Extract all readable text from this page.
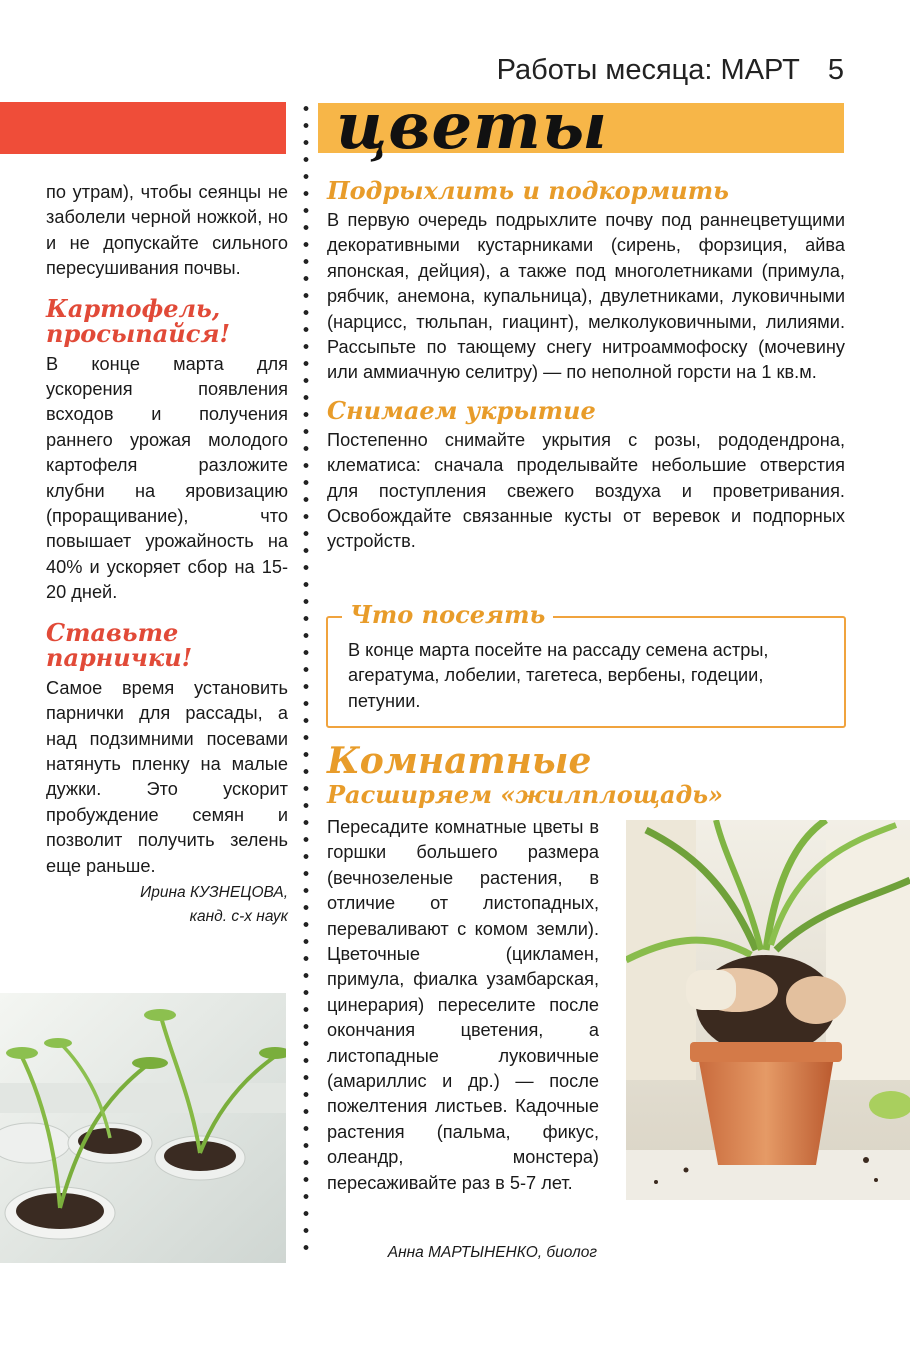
Работы месяца: МАРТ 5
цветы

по утрам), чтобы сеянцы не заболели черной ножкой, но и не допускайте сильного пересушивания почвы.

Картофель, просыпайся!

В конце марта для ускорения появления всходов и получения раннего урожая молодого картофеля разложите клубни на яровизацию (проращивание), что повышает урожайность на 40% и ускоряет сбор на 15-20 дней.

Ставьте парнички!

Самое время установить парнички для рассады, а над подзимними посевами натянуть пленку на малые дужки. Это ускорит пробуждение семян и позволит получить зелень еще раньше.

Ирина КУЗНЕЦОВА,
канд. с-х наук
Подрыхлить и подкормить

В первую очередь подрыхлите почву под раннецветущими декоративными кустарниками (сирень, форзиция, айва японская, дейция), а также под многолетниками (примула, рябчик, анемона, купальница), двулетниками, луковичными (нарцисс, тюльпан, гиацинт), мелколуковичными, лилиями. Рассыпьте по тающему снегу нитроаммофоску (мочевину или аммиачную селитру) — по неполной горсти на 1 кв.м.

Снимаем укрытие

Постепенно снимайте укрытия с розы, рододендрона, клематиса: сначала проделывайте небольшие отверстия для поступления свежего воздуха и проветривания. Освобождайте связанные кусты от веревок и подпорных устройств.

Что посеять

В конце марта посейте на рассаду семена астры, агератума, лобелии, тагетеса, вербены, годеции, петунии.

Комнатные
Расширяем «жилплощадь»

Пересадите комнатные цветы в горшки большего размера (вечнозеленые растения, в отличие от листопадных, переваливают с комом земли). Цветочные (цикламен, примула, фиалка узамбарская, цинерария) переселите после окончания цветения, а листопадные луковичные (амариллис и др.) — после пожелтения листьев. Кадочные растения (пальма, фикус, олеандр, монстера) пересаживайте раз в 5-7 лет.

Анна МАРТЫНЕНКО, биолог
